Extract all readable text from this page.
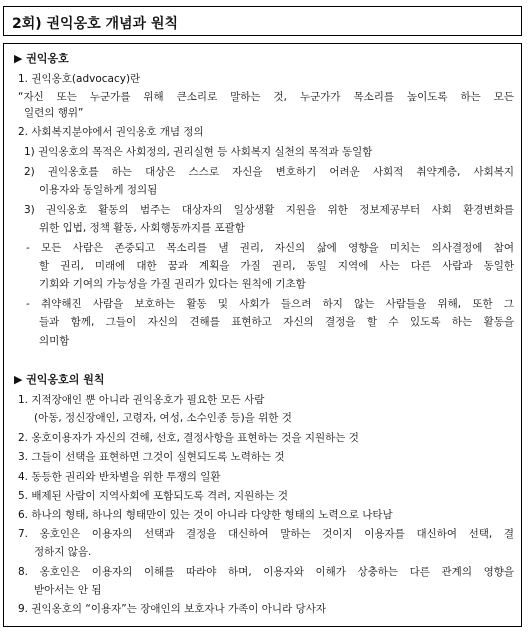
2회) 권익옹호 개념과 원칙
▶ 권익옹호
1. 권익옹호(advocacy)란
“자신 또는 누군가를 위해 큰소리로 말하는 것, 누군가가 목소리를 높이도록 하는 모든
일련의 행위”
2. 사회복지분야에서 권익옹호 개념 정의
1) 권익옹호의 목적은 사회정의, 권리실현 등 사회복지 실천의 목적과 동일함
2) 권익옹호를 하는 대상은 스스로 자신을 변호하기 어려운 사회적 취약계층, 사회복지
이용자와 동일하게 정의됨
3) 권익옹호 활동의 범주는 대상자의 일상생활 지원을 위한 정보제공부터 사회 환경변화를
위한 입법, 정책 활동, 사회행동까지를 포괄함
- 모든 사람은 존중되고 목소리를 낼 권리, 자신의 삶에 영향을 미치는 의사결정에 참여
할 권리, 미래에 대한 꿈과 계획을 가질 권리, 동일 지역에 사는 다른 사람과 동일한
기회와 기여의 가능성을 가질 권리가 있다는 원칙에 기초함
- 취약해진 사람을 보호하는 활동 및 사회가 들으려 하지 않는 사람들을 위해, 또한 그
들과 함께, 그들이 자신의 견해를 표현하고 자신의 결정을 할 수 있도록 하는 활동을
의미함
▶ 권익옹호의 원칙
1. 지적장애인 뿐 아니라 권익옹호가 필요한 모든 사람
(아동, 정신장애인, 고령자, 여성, 소수인종 등)을 위한 것
2. 옹호이용자가 자신의 견해, 선호, 결정사항을 표현하는 것을 지원하는 것
3. 그들이 선택을 표현하면 그것이 실현되도록 노력하는 것
4. 동등한 권리와 반차별을 위한 투쟁의 일환
5. 배제된 사람이 지역사회에 포함되도록 격려, 지원하는 것
6. 하나의 형태, 하나의 형태만이 있는 것이 아니라 다양한 형태의 노력으로 나타남
7. 옹호인은 이용자의 선택과 결정을 대신하여 말하는 것이지 이용자를 대신하여 선택, 결
정하지 않음.
8. 옹호인은 이용자의 이해를 따라야 하며, 이용자와 이해가 상충하는 다른 관계의 영향을
받아서는 안 됨
9. 권익옹호의 “이용자”는 장애인의 보호자나 가족이 아니라 당사자
